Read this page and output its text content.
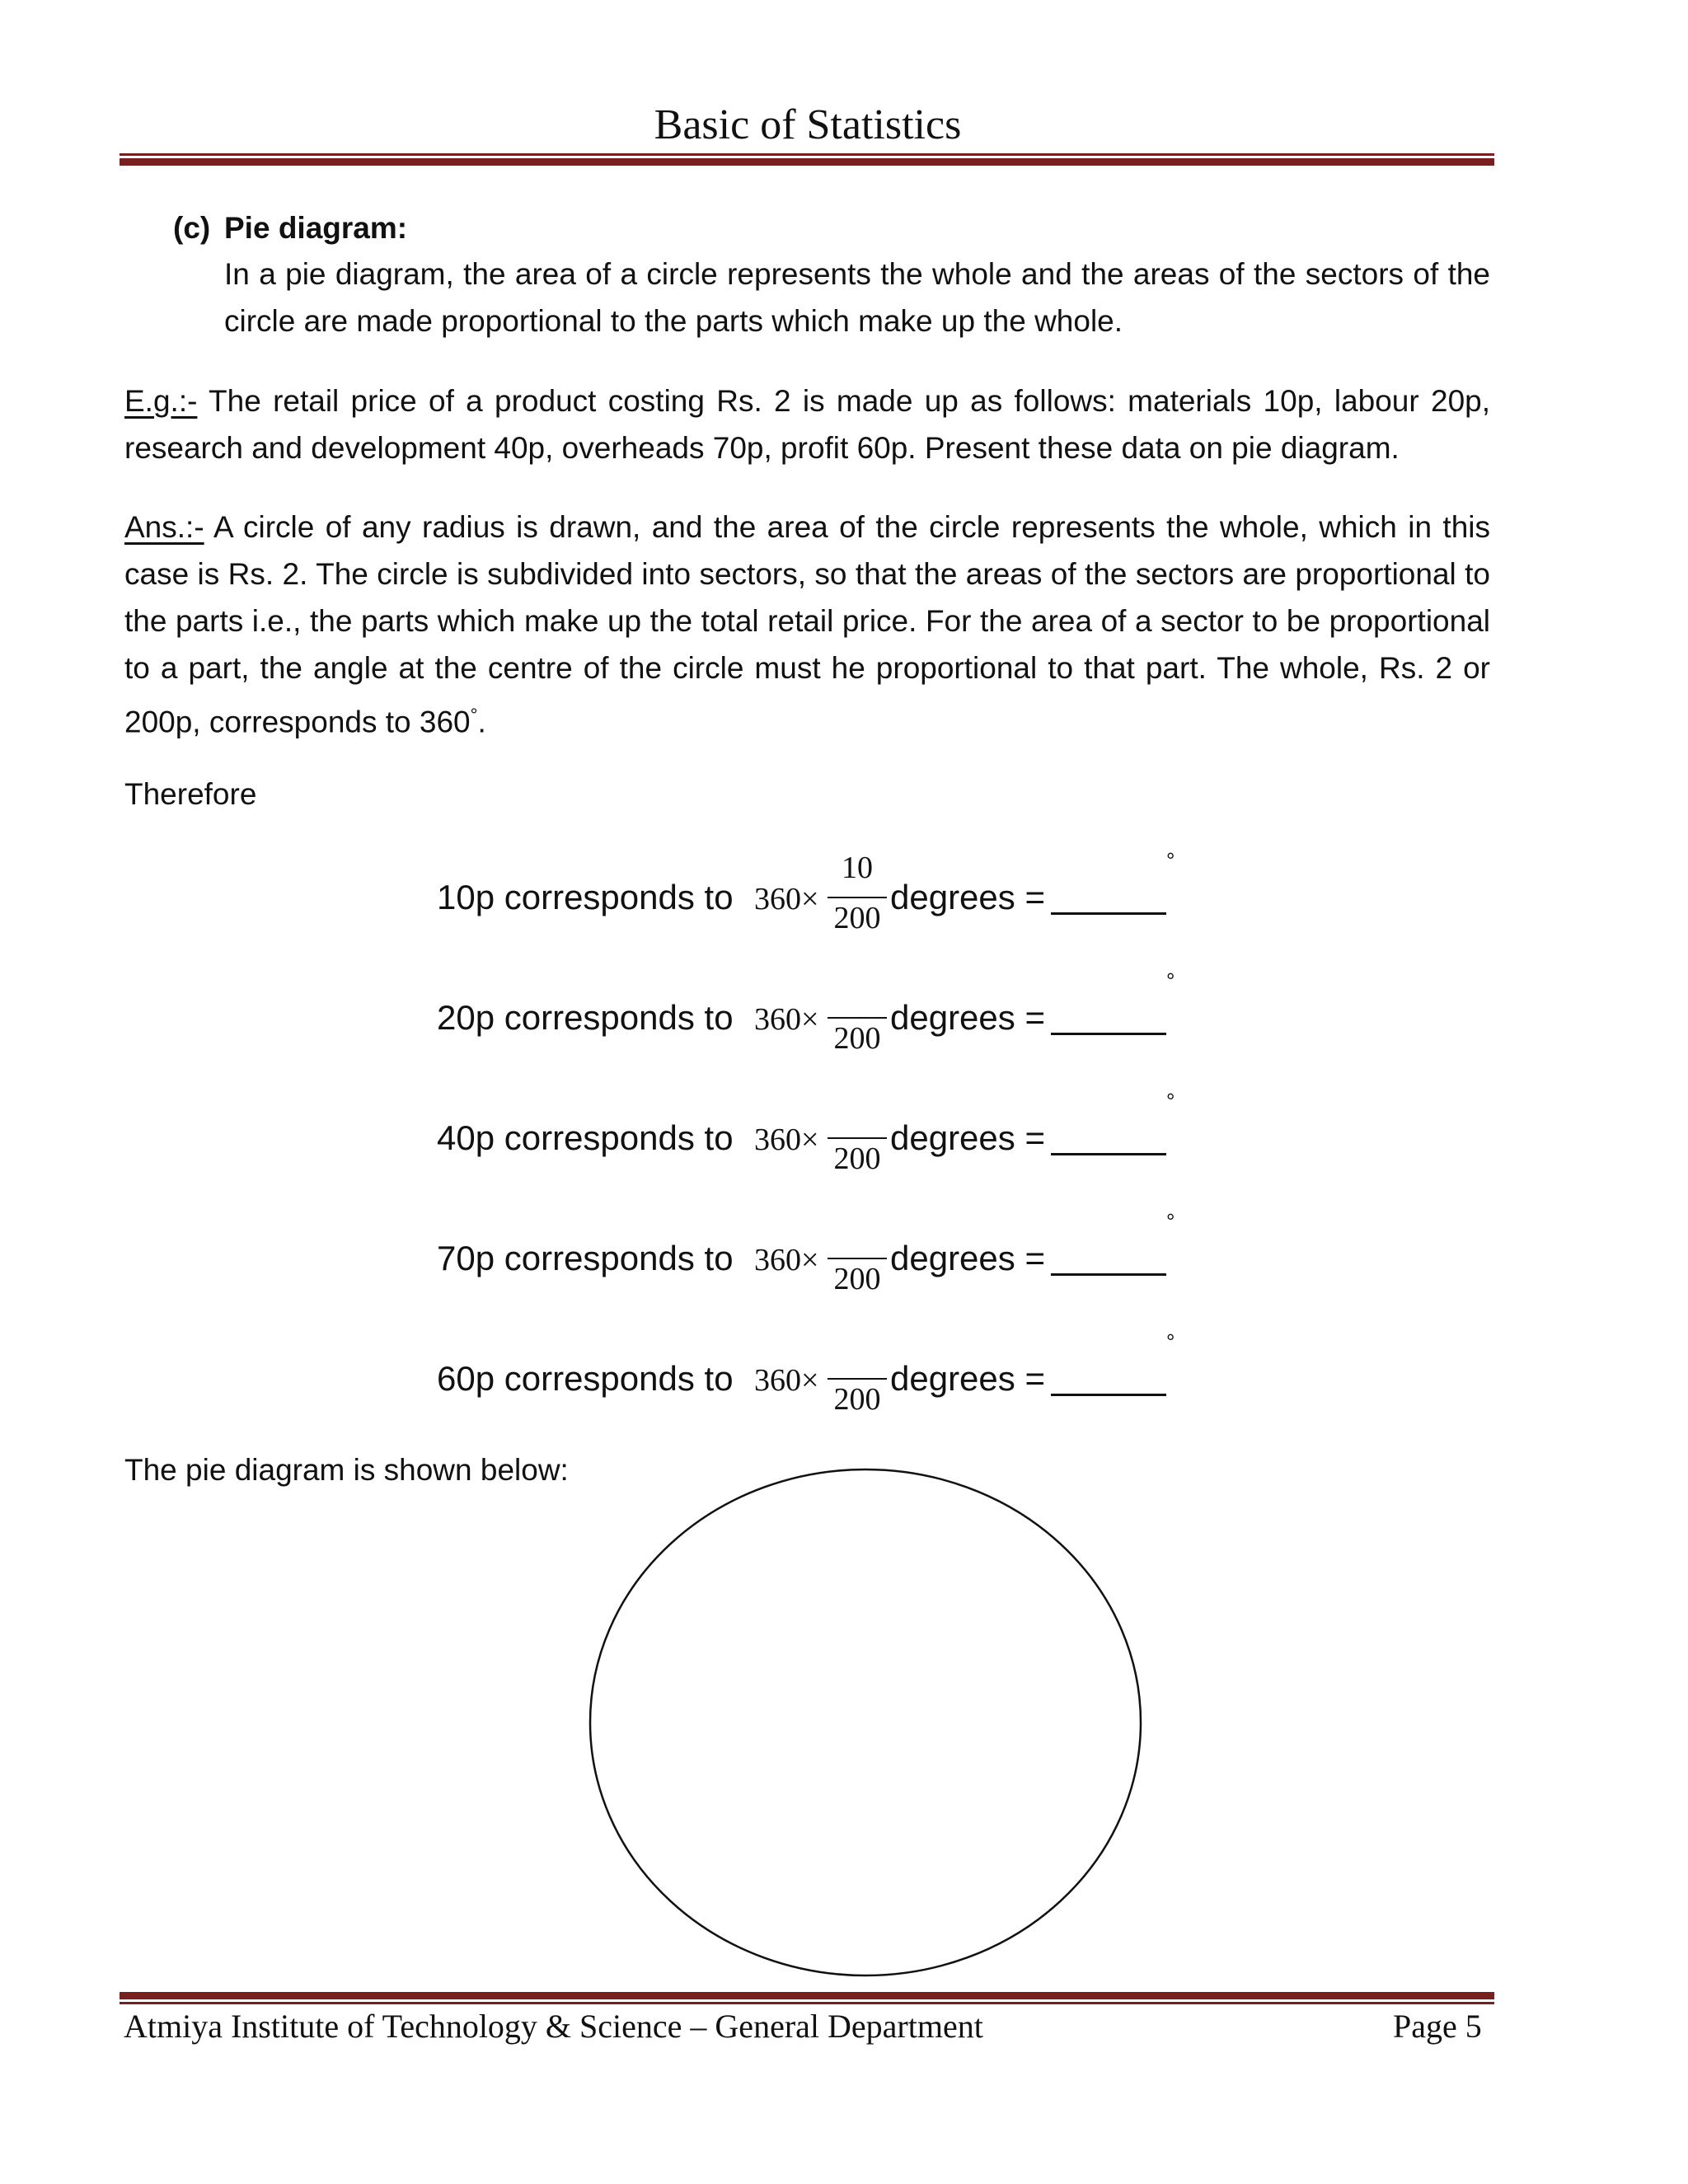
Basic of Statistics
(c) Pie diagram:
In a pie diagram, the area of a circle represents the whole and the areas of the sectors of the circle are made proportional to the parts which make up the whole.
E.g.:- The retail price of a product costing Rs. 2 is made up as follows: materials 10p, labour 20p, research and development 40p, overheads 70p, profit 60p. Present these data on pie diagram.
Ans.:- A circle of any radius is drawn, and the area of the circle represents the whole, which in this case is Rs. 2. The circle is subdivided into sectors, so that the areas of the sectors are proportional to the parts i.e., the parts which make up the total retail price. For the area of a sector to be proportional to a part, the angle at the centre of the circle must he proportional to that part. The whole, Rs. 2 or 200p, corresponds to 360°.
Therefore
10p corresponds to 360×
10
200
degrees =
°
20p corresponds to 360×
200
degrees =
°
40p corresponds to 360×
200
degrees =
°
70p corresponds to 360×
200
degrees =
°
60p corresponds to 360×
200
degrees =
°
The pie diagram is shown below:
Atmiya Institute of Technology & Science – General Department	Page 5
